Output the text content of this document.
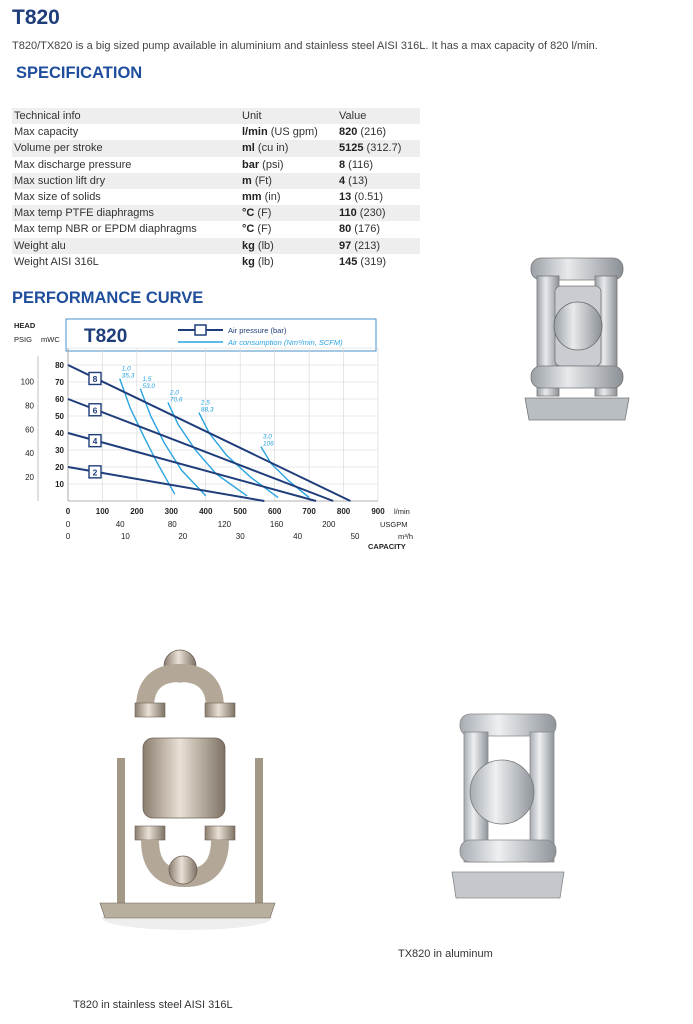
T820
T820/TX820 is a big sized pump available in aluminium and stainless steel AISI 316L. It has a max capacity of 820 l/min.
SPECIFICATION
Technical info	Unit	Value
Max capacity	l/min (US gpm)	820 (216)
Volume per stroke	ml (cu in)	5125 (312.7)
Max discharge pressure	bar (psi)	8 (116)
Max suction lift dry	m (Ft)	4 (13)
Max size of solids	mm (in)	13 (0.51)
Max temp PTFE diaphragms	°C (F)	110 (230)
Max temp NBR or EPDM diaphragms	°C (F)	80 (176)
Weight alu	kg (lb)	97 (213)
Weight AISI 316L	kg (lb)	145 (319)
PERFORMANCE CURVE
T820	Air pressure (bar)
Air consumption (Nm³/min, SCFM)
HEAD
PSIG mWC
10
20
30
40
50
60
70
80
20
40
60
80
100
0	100	200	300	400	500	600	700	800	900 l/min
0	40	80	120	160	200	USGPM
0	10	20	30	40	50	m³/h
CAPACITY
1,0
35,3 1,5
53,0
2,0
70,6	2,5
88,3
3,0
106
8
6
4
2
TX820 in aluminum
T820 in stainless steel AISI 316L
